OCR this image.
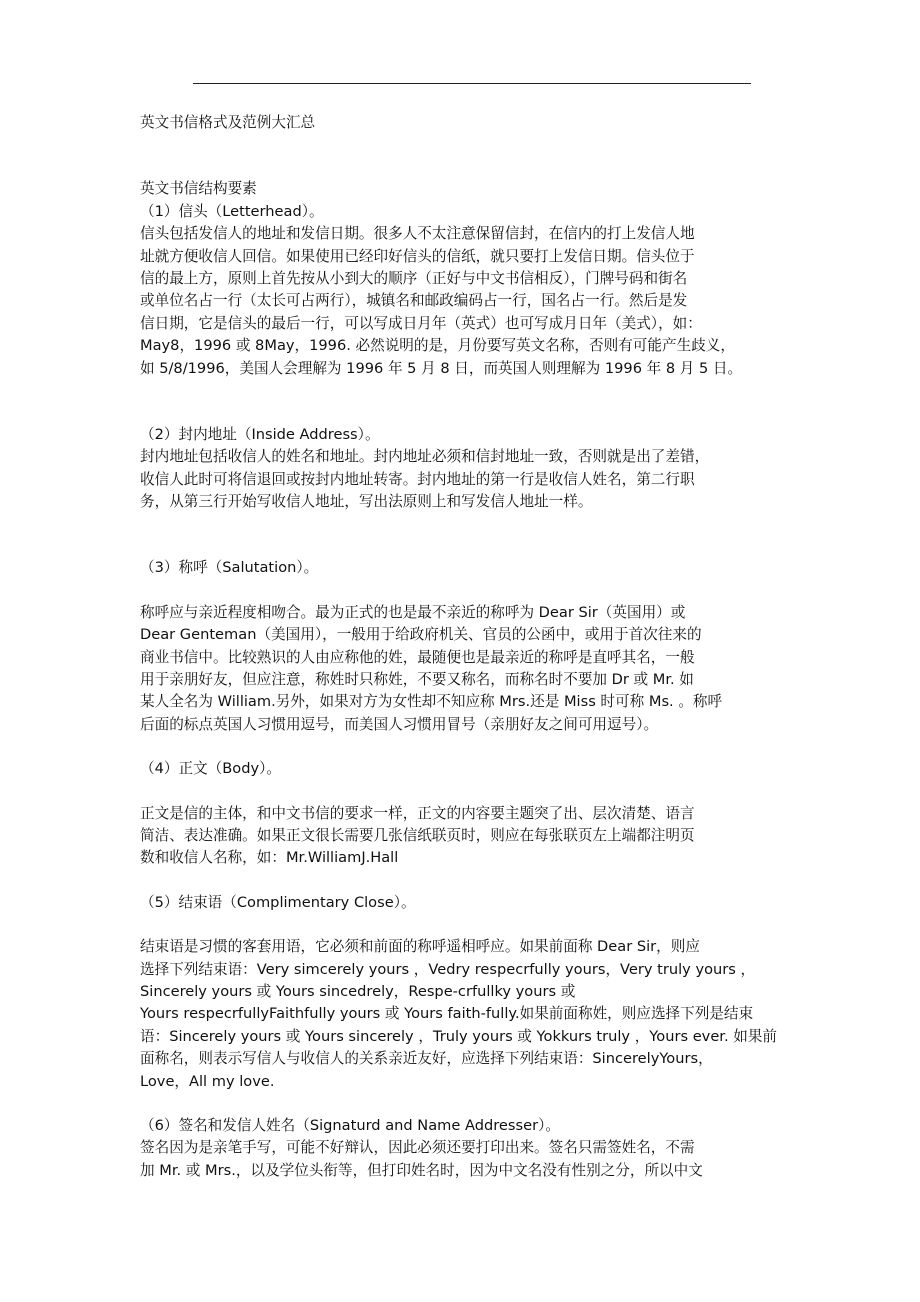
英文书信格式及范例大汇总
英文书信结构要素
（1）信头（Letterhead）。
信头包括发信人的地址和发信日期。很多人不太注意保留信封，在信内的打上发信人地
址就方便收信人回信。如果使用已经印好信头的信纸，就只要打上发信日期。信头位于
信的最上方，原则上首先按从小到大的顺序（正好与中文书信相反），门牌号码和街名
或单位名占一行（太长可占两行），城镇名和邮政编码占一行，国名占一行。然后是发
信日期，它是信头的最后一行，可以写成日月年（英式）也可写成月日年（美式），如：
May8，1996 或 8May，1996. 必然说明的是，月份要写英文名称，否则有可能产生歧义，
如 5/8/1996，美国人会理解为 1996 年 5 月 8 日，而英国人则理解为 1996 年 8 月 5 日。
（2）封内地址（Inside Address）。
封内地址包括收信人的姓名和地址。封内地址必须和信封地址一致，否则就是出了差错，
收信人此时可将信退回或按封内地址转寄。封内地址的第一行是收信人姓名，第二行职
务，从第三行开始写收信人地址，写出法原则上和写发信人地址一样。
（3）称呼（Salutation）。
称呼应与亲近程度相吻合。最为正式的也是最不亲近的称呼为 Dear Sir（英国用）或
Dear Genteman（美国用），一般用于给政府机关、官员的公函中，或用于首次往来的
商业书信中。比较熟识的人由应称他的姓，最随便也是最亲近的称呼是直呼其名，一般
用于亲朋好友，但应注意，称姓时只称姓，不要又称名，而称名时不要加 Dr 或 Mr. 如
某人全名为 William.另外，如果对方为女性却不知应称 Mrs.还是 Miss 时可称 Ms. 。称呼
后面的标点英国人习惯用逗号，而美国人习惯用冒号（亲朋好友之间可用逗号）。
（4）正文（Body）。
正文是信的主体，和中文书信的要求一样，正文的内容要主题突了出、层次清楚、语言
简洁、表达准确。如果正文很长需要几张信纸联页时，则应在每张联页左上端都注明页
数和收信人名称，如：Mr.WilliamJ.Hall
（5）结束语（Complimentary Close）。
结束语是习惯的客套用语，它必须和前面的称呼遥相呼应。如果前面称 Dear Sir，则应
选择下列结束语：Very simcerely yours ，Vedry respecrfully yours，Very truly yours ，
Sincerely yours 或 Yours sincedrely，Respe-crfullky yours 或
Yours respecrfullyFaithfully yours 或 Yours faith-fully.如果前面称姓，则应选择下列是结束
语：Sincerely yours 或 Yours sincerely ，Truly yours 或 Yokkurs truly ，Yours ever. 如果前
面称名，则表示写信人与收信人的关系亲近友好，应选择下列结束语：SincerelyYours，
Love，All my love.
（6）签名和发信人姓名（Signaturd and Name Addresser）。
签名因为是亲笔手写，可能不好辩认，因此必须还要打印出来。签名只需签姓名，不需
加 Mr. 或 Mrs.，以及学位头衔等，但打印姓名时，因为中文名没有性别之分，所以中文
